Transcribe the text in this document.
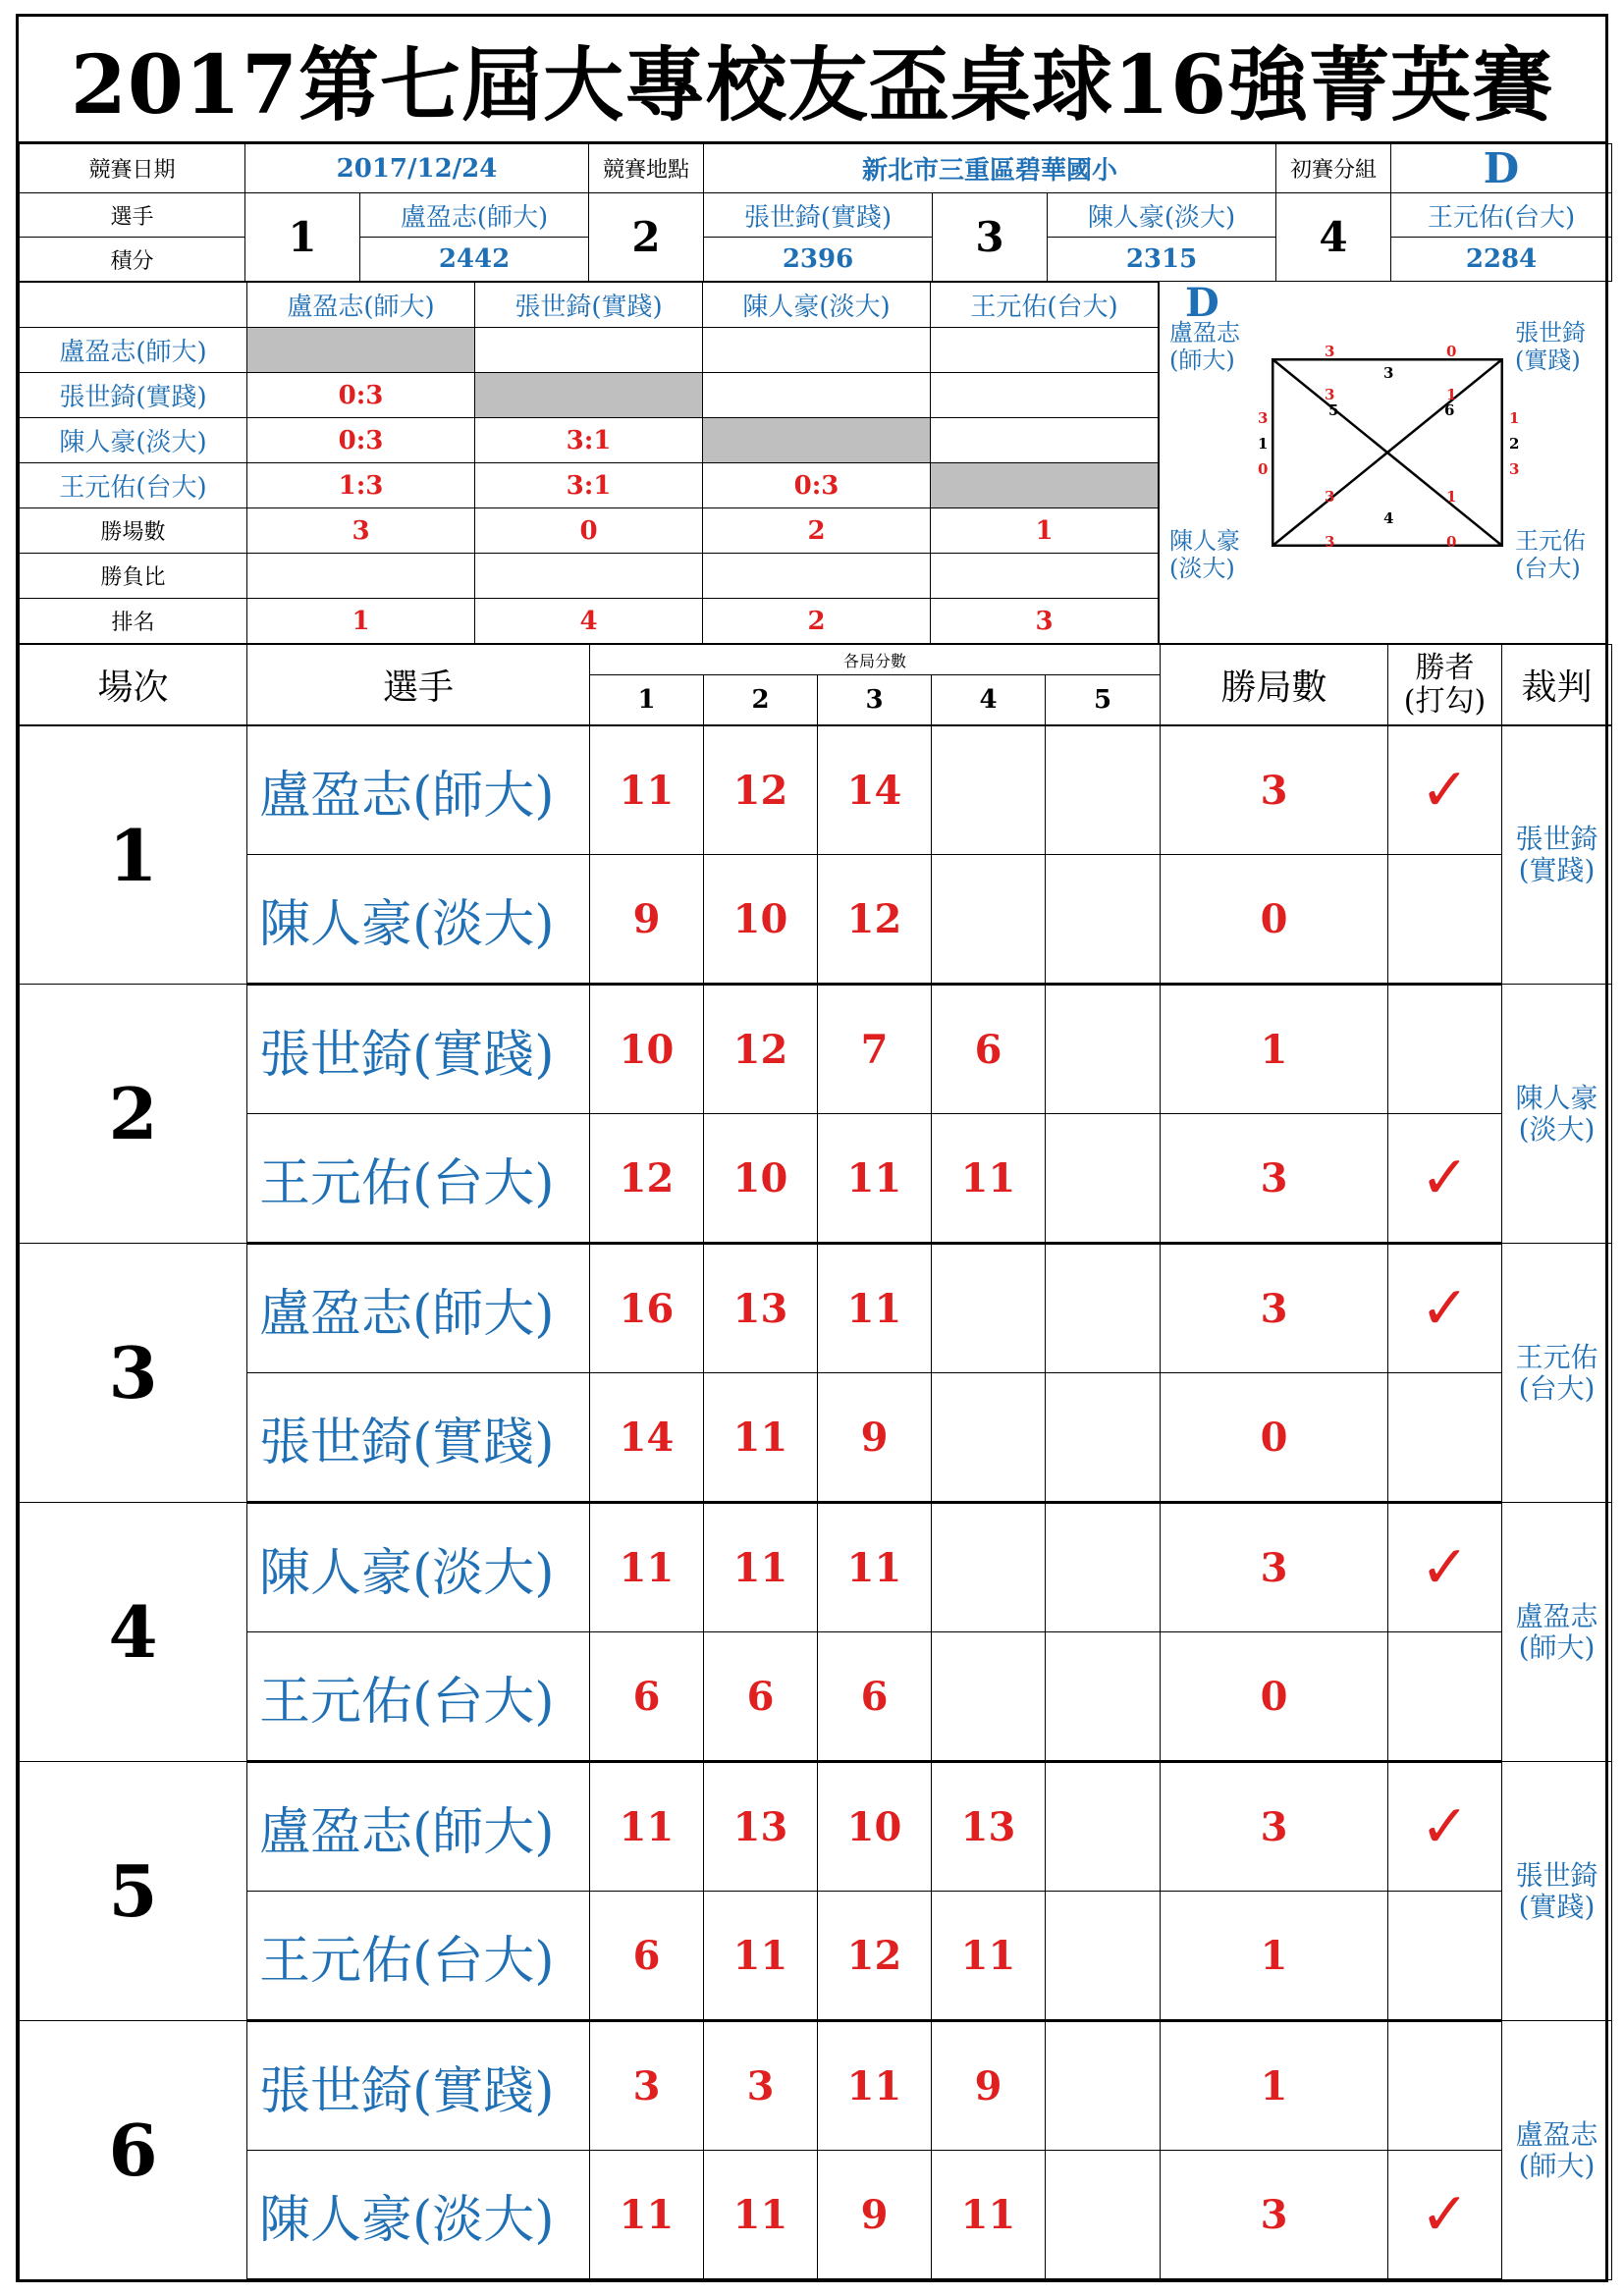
2017第七屆大專校友盃桌球16強菁英賽
競賽日期	2017/12/24		競賽地點	新北市三重區碧華國小			初賽分組	D
選手	1	盧盈志(師大)	2	張世錡(實踐)	3	陳人豪(淡大)	4	王元佑(台大)
積分		2442		2396		2315		2284
	盧盈志(師大)	張世錡(實踐)	陳人豪(淡大)	王元佑(台大)
盧盈志(師大)				
張世錡(實踐)	0:3			
陳人豪(淡大)	0:3	3:1		
王元佑(台大)	1:3	3:1	0:3	
勝場數	3	0	2	1
勝負比				
排名	1	4	2	3
D
盧盈志(師大)
張世錡(實踐)
陳人豪(淡大)
王元佑(台大)
3	0
3
3
5
1
6
3
1
0
1
2
3
3	1
4
3	0
場次	選手	各局分數					勝局數	勝者(打勾)	裁判
		1	2	3	4	5			
1	盧盈志(師大)	11	12	14			3	✓	張世錡(實踐)
	陳人豪(淡大)	9	10	12			0		
2	張世錡(實踐)	10	12	7	6		1		陳人豪(淡大)
	王元佑(台大)	12	10	11	11		3	✓	
3	盧盈志(師大)	16	13	11			3	✓	王元佑(台大)
	張世錡(實踐)	14	11	9			0		
4	陳人豪(淡大)	11	11	11			3	✓	盧盈志(師大)
	王元佑(台大)	6	6	6			0		
5	盧盈志(師大)	11	13	10	13		3	✓	張世錡(實踐)
	王元佑(台大)	6	11	12	11		1		
6	張世錡(實踐)	3	3	11	9		1		盧盈志(師大)
	陳人豪(淡大)	11	11	9	11		3	✓	
